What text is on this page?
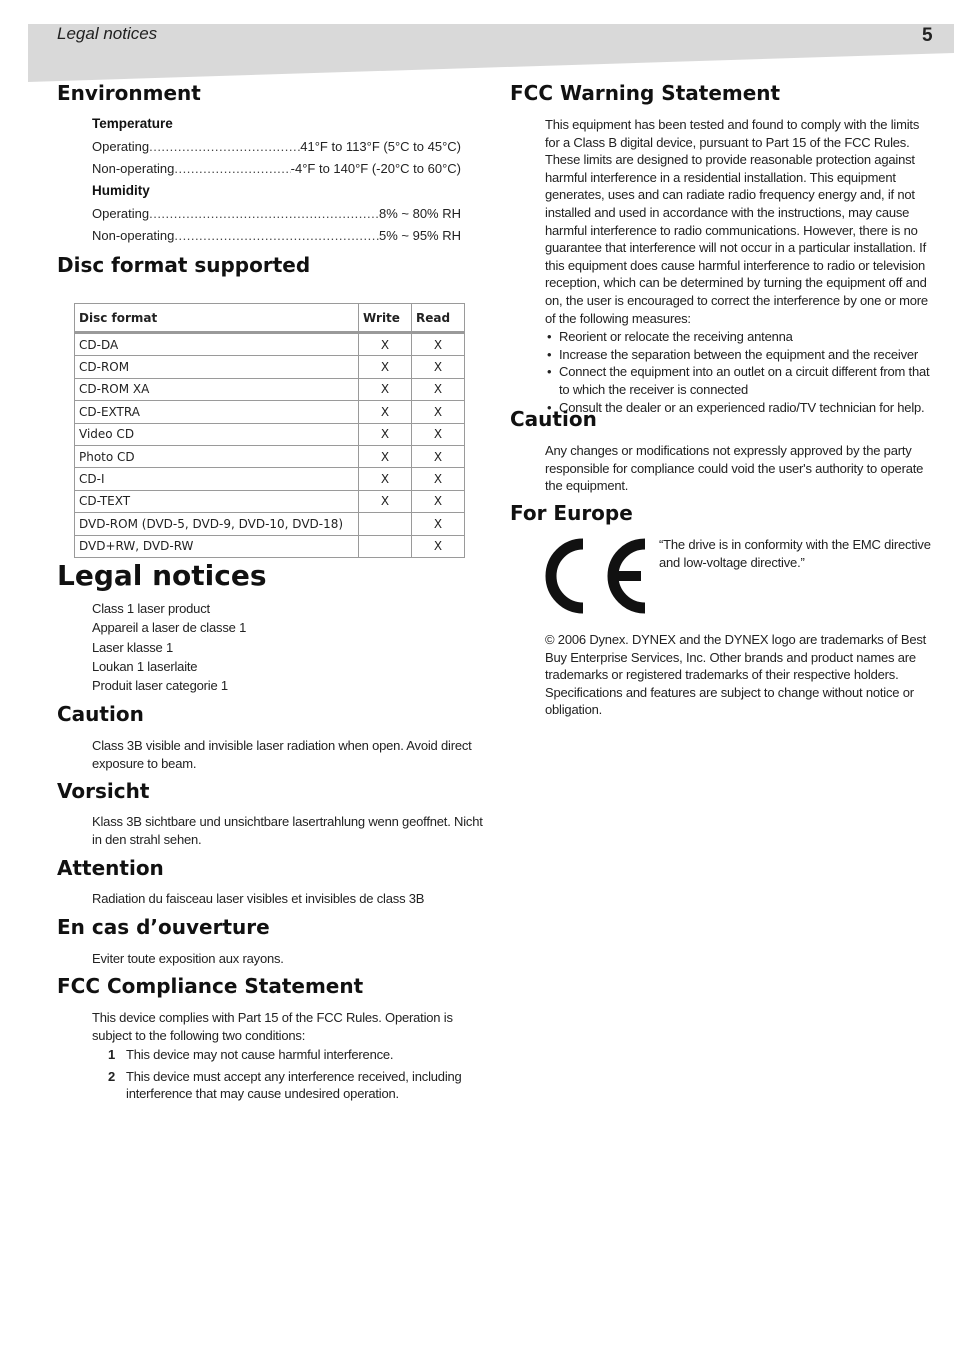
Legal notices	5
Environment
Temperature
Operating .....	41°F to 113°F (5°C to 45°C)
Non-operating .....	-4°F to 140°F (-20°C to 60°C)
Humidity
Operating .....	8% ~ 80% RH
Non-operating .....	5% ~ 95% RH
Disc format supported
Legal notices
Class 1 laser product
Appareil a laser de classe 1
Laser klasse 1
Loukan 1 laserlaite
Produit laser categorie 1
Caution
Class 3B visible and invisible laser radiation when open. Avoid direct exposure to beam.
Vorsicht
Klass 3B sichtbare und unsichtbare lasertrahlung wenn geoffnet. Nicht in den strahl sehen.
Attention
Radiation du faisceau laser visibles et invisibles de class 3B
En cas d’ouverture
Eviter toute exposition aux rayons.
FCC Compliance Statement
This device complies with Part 15 of the FCC Rules. Operation is subject to the following two conditions:
1 This device may not cause harmful interference.
2 This device must accept any interference received, including interference that may cause undesired operation.
Disc format	Write	Read
CD-DA	X	X
CD-ROM	X	X
CD-ROM XA	X	X
CD-EXTRA	X	X
Video CD	X	X
Photo CD	X	X
CD-I	X	X
CD-TEXT	X	X
DVD-ROM (DVD-5, DVD-9, DVD-10, DVD-18)		X
DVD+RW, DVD-RW		X
FCC Warning Statement
This equipment has been tested and found to comply with the limits for a Class B digital device, pursuant to Part 15 of the FCC Rules. These limits are designed to provide reasonable protection against harmful interference in a residential installation. This equipment generates, uses and can radiate radio frequency energy and, if not installed and used in accordance with the instructions, may cause harmful interference to radio communications. However, there is no guarantee that interference will not occur in a particular installation. If this equipment does cause harmful interference to radio or television reception, which can be determined by turning the equipment off and on, the user is encouraged to correct the interference by one or more of the following measures:
• Reorient or relocate the receiving antenna
• Increase the separation between the equipment and the receiver
• Connect the equipment into an outlet on a circuit different from that to which the receiver is connected
• Consult the dealer or an experienced radio/TV technician for help.
Caution
Any changes or modifications not expressly approved by the party responsible for compliance could void the user's authority to operate the equipment.
For Europe
“The drive is in conformity with the EMC directive and low-voltage directive.”
© 2006 Dynex. DYNEX and the DYNEX logo are trademarks of Best Buy Enterprise Services, Inc. Other brands and product names are trademarks or registered trademarks of their respective holders. Specifications and features are subject to change without notice or obligation.
